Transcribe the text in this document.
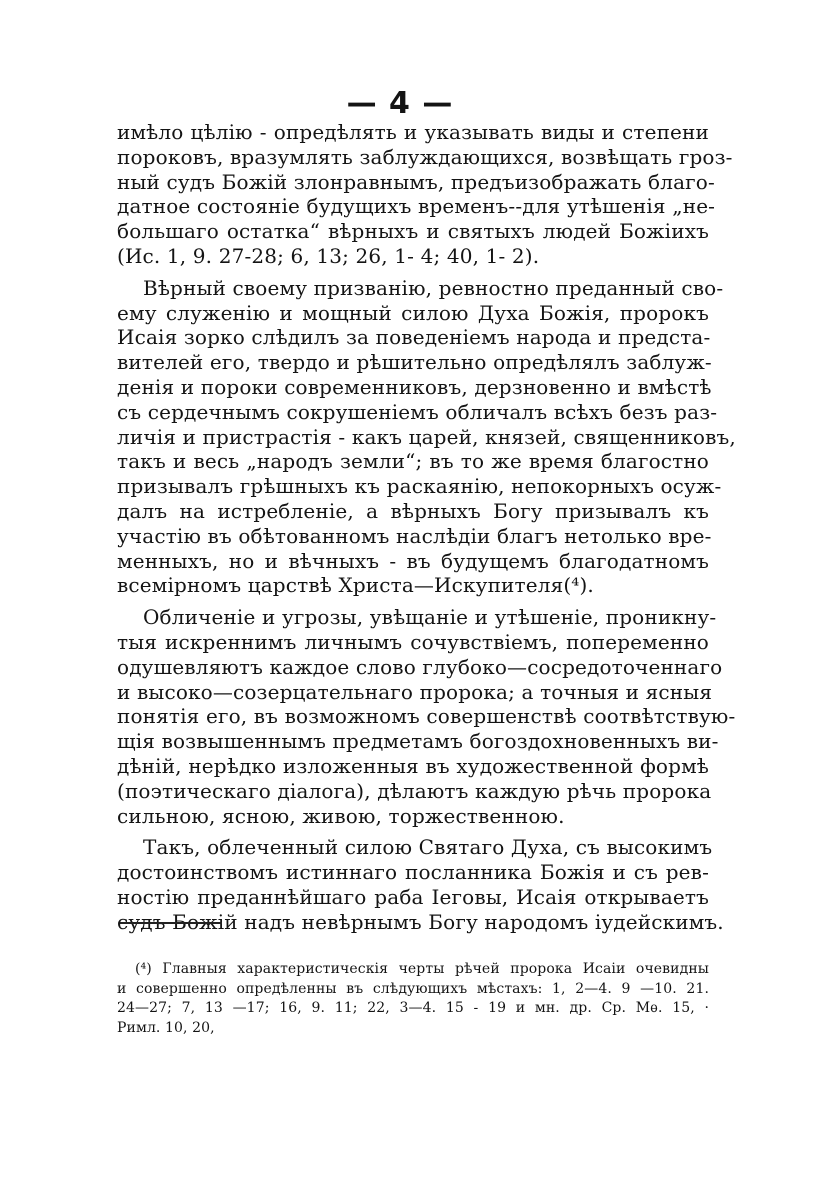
— 4 —
имѣло цѣлію - опредѣлять и указывать виды и степени
пороковъ, вразумлять заблуждающихся, возвѣщать гроз-
ный судъ Божій злонравнымъ, предъизображать благо-
датное состояніе будущихъ временъ--для утѣшенія „не-
большаго остатка“ вѣрныхъ и святыхъ людей Божіихъ
(Ис. 1, 9. 27-28; 6, 13; 26, 1- 4; 40, 1- 2).
Вѣрный своему призванію, ревностно преданный сво-
ему служенію и мощный силою Духа Божія, пророкъ
Исаія зорко слѣдилъ за поведеніемъ народа и предста-
вителей его, твердо и рѣшительно опредѣлялъ заблуж-
денія и пороки современниковъ, дерзновенно и вмѣстѣ
съ сердечнымъ сокрушеніемъ обличалъ всѣхъ безъ раз-
личія и пристрастія - какъ царей, князей, священниковъ,
такъ и весь „народъ земли“; въ то же время благостно
призывалъ грѣшныхъ къ раскаянію, непокорныхъ осуж-
далъ на истребленіе, а вѣрныхъ Богу призывалъ къ
участію въ обѣтованномъ наслѣдіи благъ нетолько вре-
менныхъ, но и вѣчныхъ - въ будущемъ благодатномъ
всемірномъ царствѣ Христа—Искупителя(⁴).
Обличеніе и угрозы, увѣщаніе и утѣшеніе, проникну-
тыя искреннимъ личнымъ сочувствіемъ, попеременно
одушевляютъ каждое слово глубоко—сосредоточеннаго
и высоко—созерцательнаго пророка; а точныя и ясныя
понятія его, въ возможномъ совершенствѣ соотвѣтствую-
щія возвышеннымъ предметамъ богоздохновенныхъ ви-
дѣній, нерѣдко изложенныя въ художественной формѣ
(поэтическаго діалога), дѣлаютъ каждую рѣчь пророка
сильною, ясною, живою, торжественною.
Такъ, облеченный силою Святаго Духа, съ высокимъ
достоинствомъ истиннаго посланника Божія и съ рев-
ностію преданнѣйшаго раба Іеговы, Исаія открываетъ
судъ Божій надъ невѣрнымъ Богу народомъ іудейскимъ.
(⁴) Главныя характеристическія черты рѣчей пророка Исаіи очевидны
и совершенно опредѣленны въ слѣдующихъ мѣстахъ: 1, 2—4. 9 —10. 21.
24—27; 7, 13 —17; 16, 9. 11; 22, 3—4. 15 - 19 и мн. др. Ср. Мѳ. 15, ·
Римл. 10, 20,
